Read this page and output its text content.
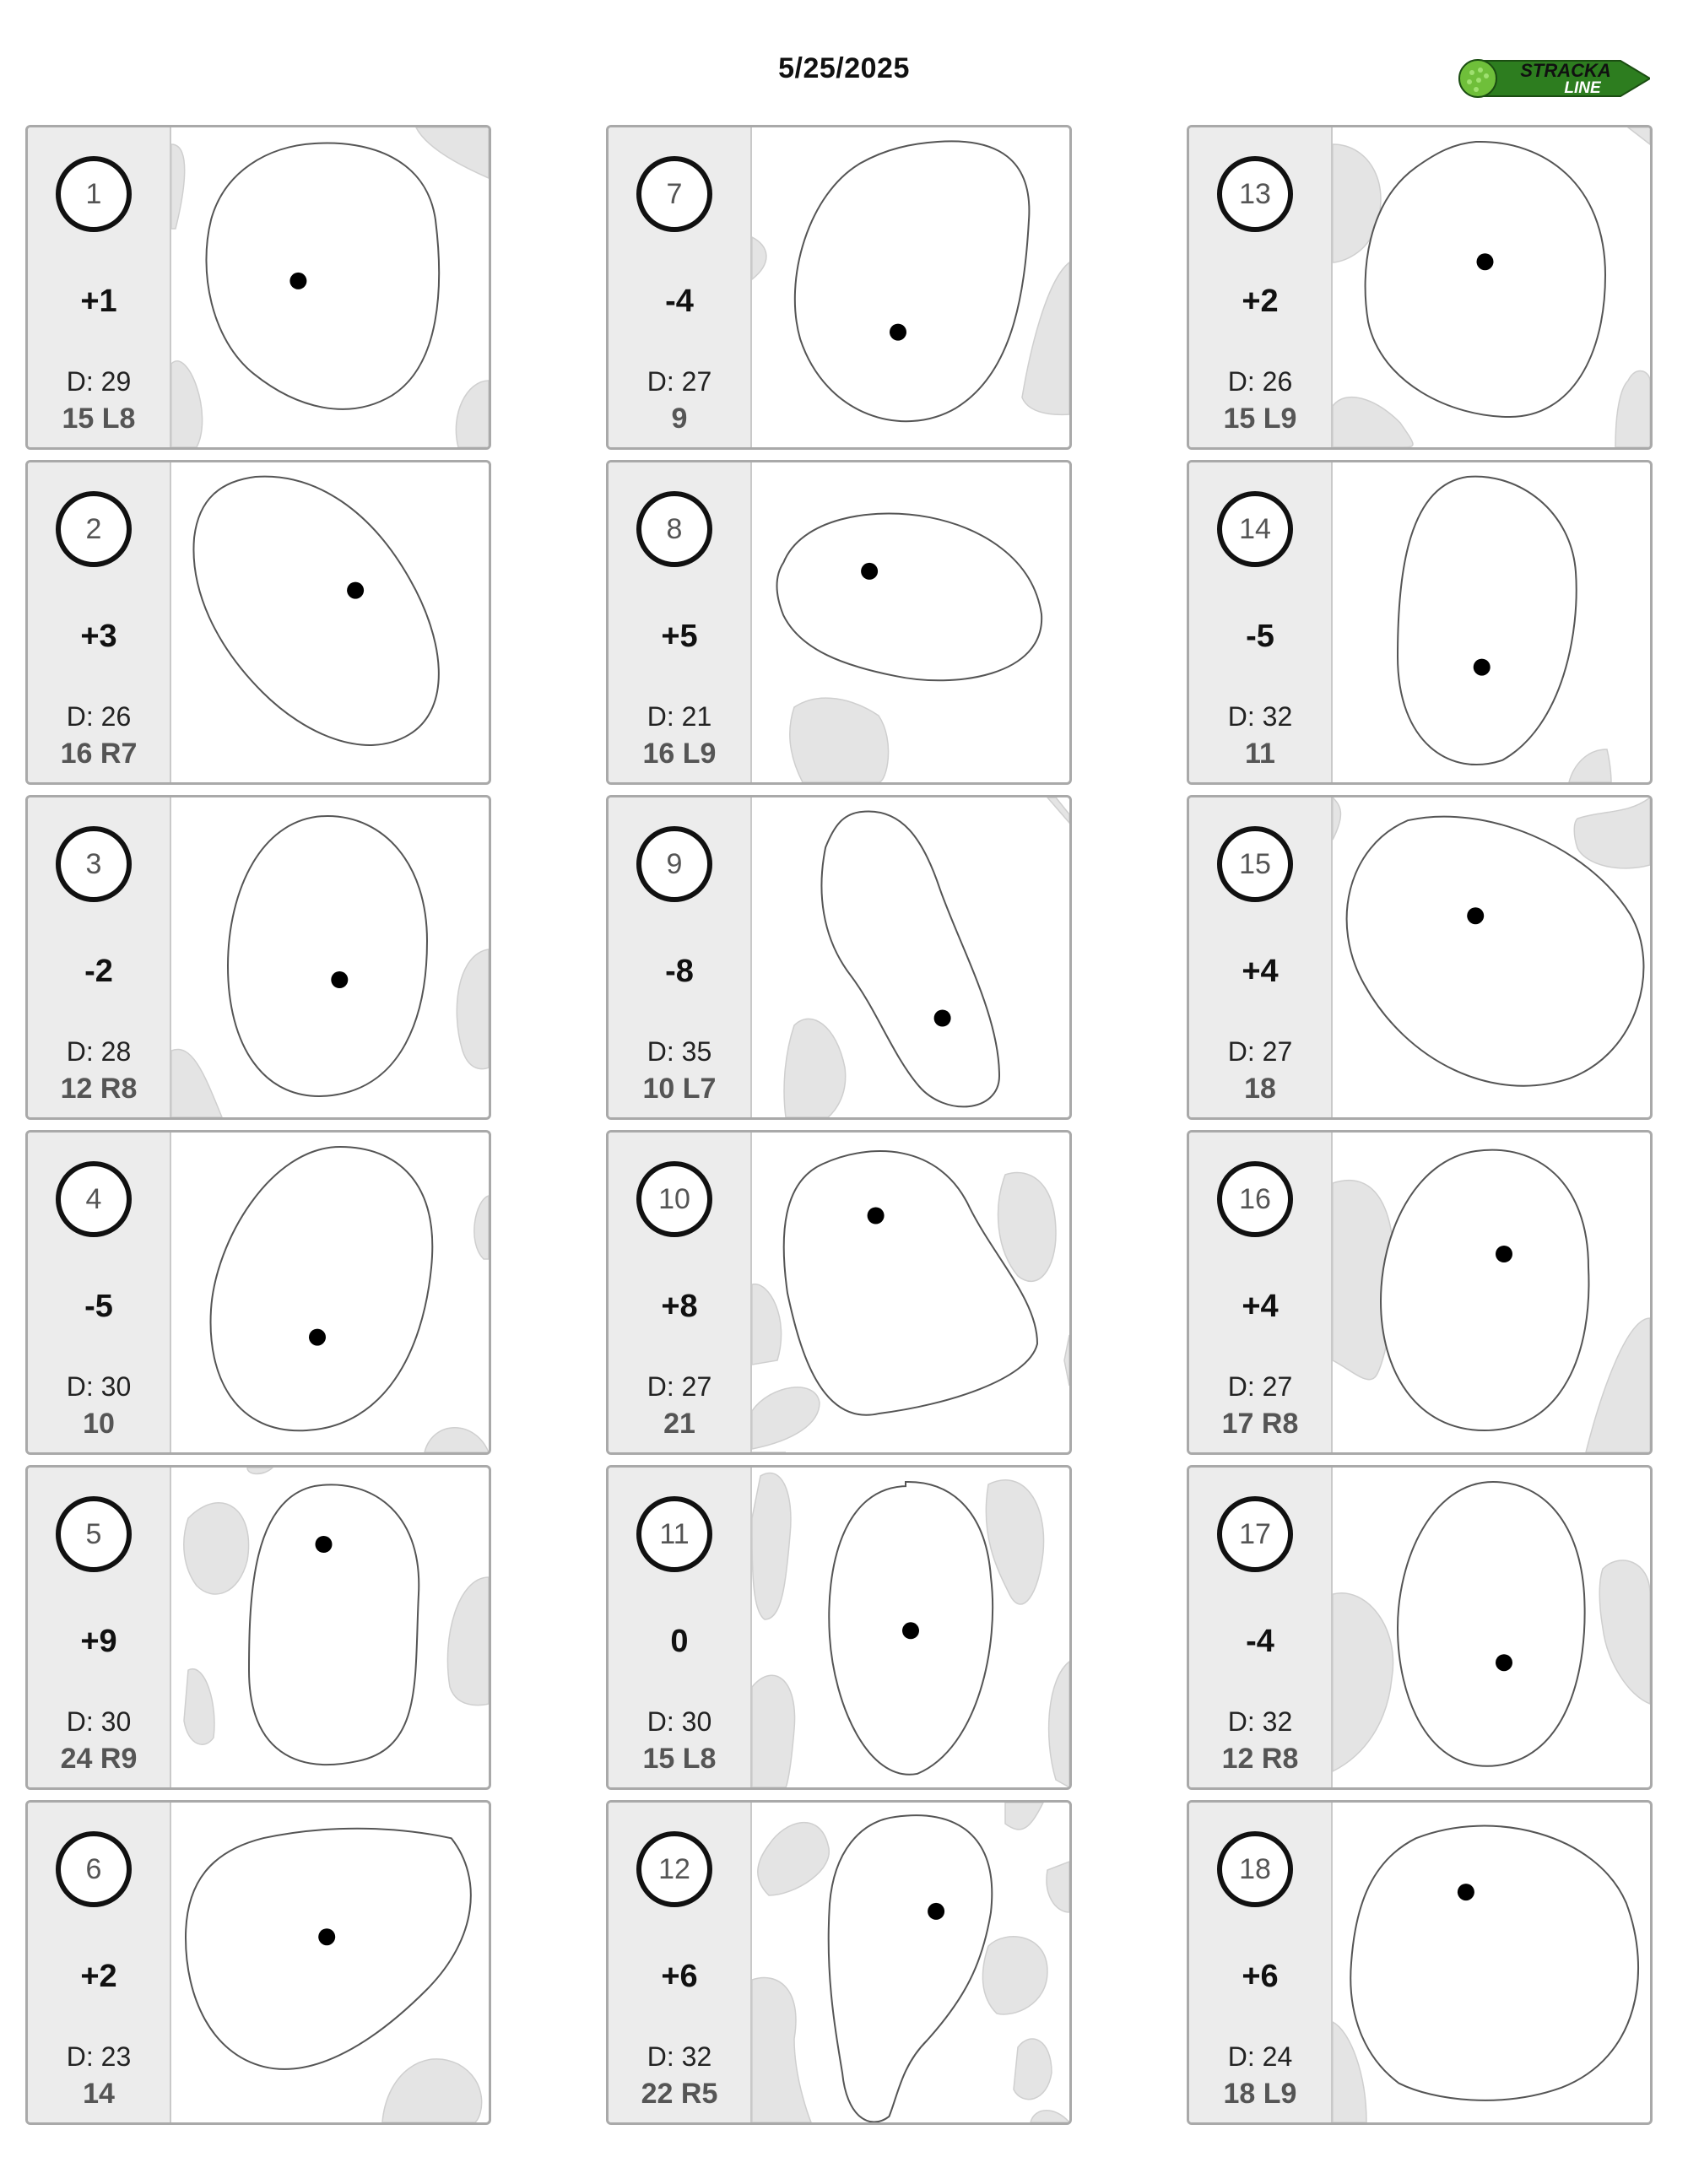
5/25/2025	STRACKA
LINE
1
+1
D: 29
15 L8
2
+3
D: 26
16 R7
3
-2
D: 28
12 R8
4
-5
D: 30
10
5
+9
D: 30
24 R9
6
+2
D: 23
14
7
-4
D: 27
9
8
+5
D: 21
16 L9
9
-8
D: 35
10 L7
10
+8
D: 27
21
11
0
D: 30
15 L8
12
+6
D: 32
22 R5
13
+2
D: 26
15 L9
14
-5
D: 32
11
15
+4
D: 27
18
16
+4
D: 27
17 R8
17
-4
D: 32
12 R8
18
+6
D: 24
18 L9
